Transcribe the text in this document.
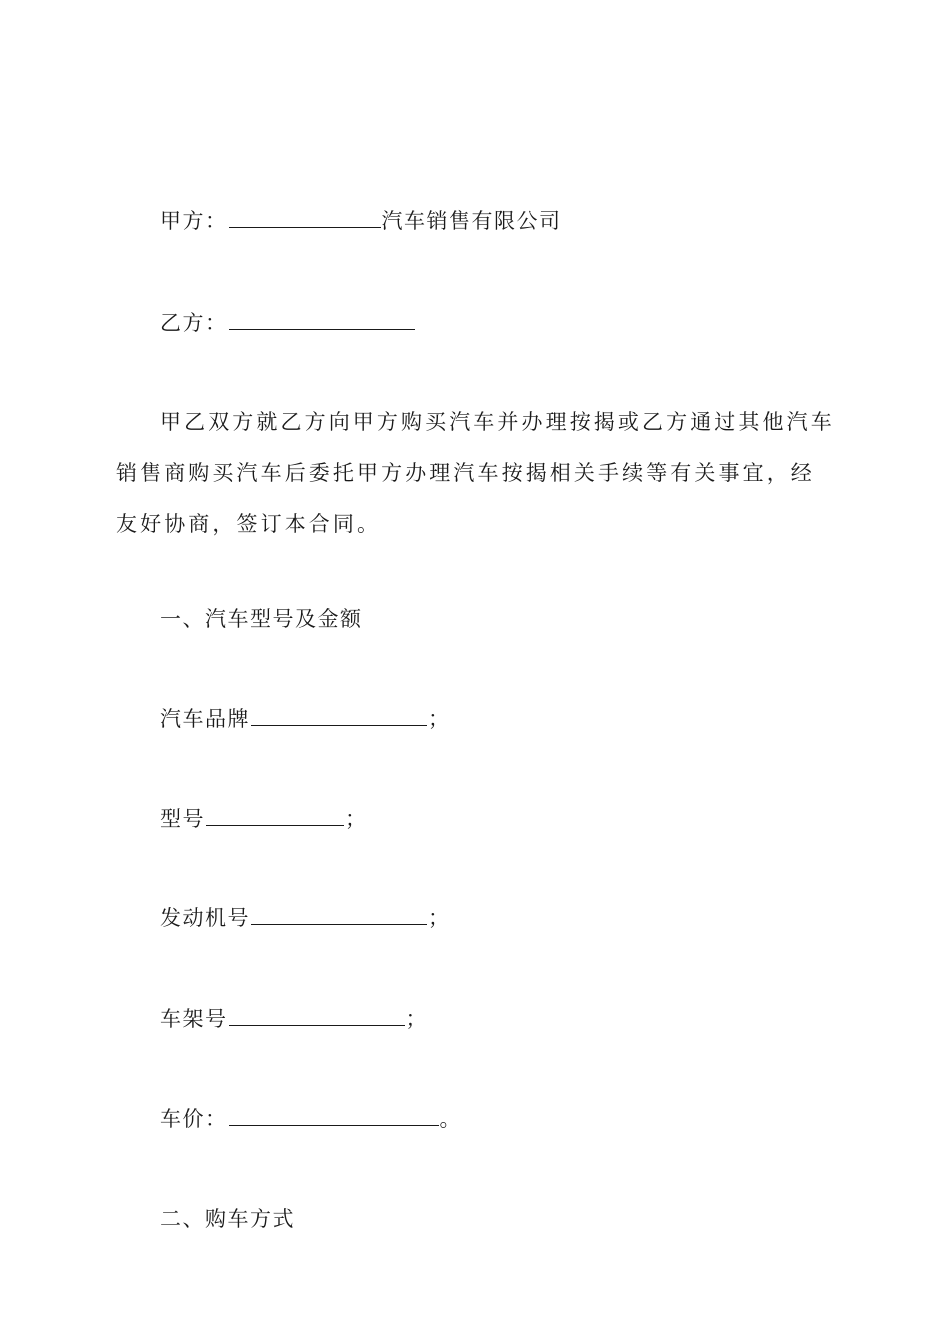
甲方：	汽车销售有限公司
乙方：
甲乙双方就乙方向甲方购买汽车并办理按揭或乙方通过其他汽车销售商购买汽车后委托甲方办理汽车按揭相关手续等有关事宜，经友好协商，签订本合同。
一、汽车型号及金额
汽车品牌	；
型号	；
发动机号	；
车架号	；
车价：	。
二、购车方式
